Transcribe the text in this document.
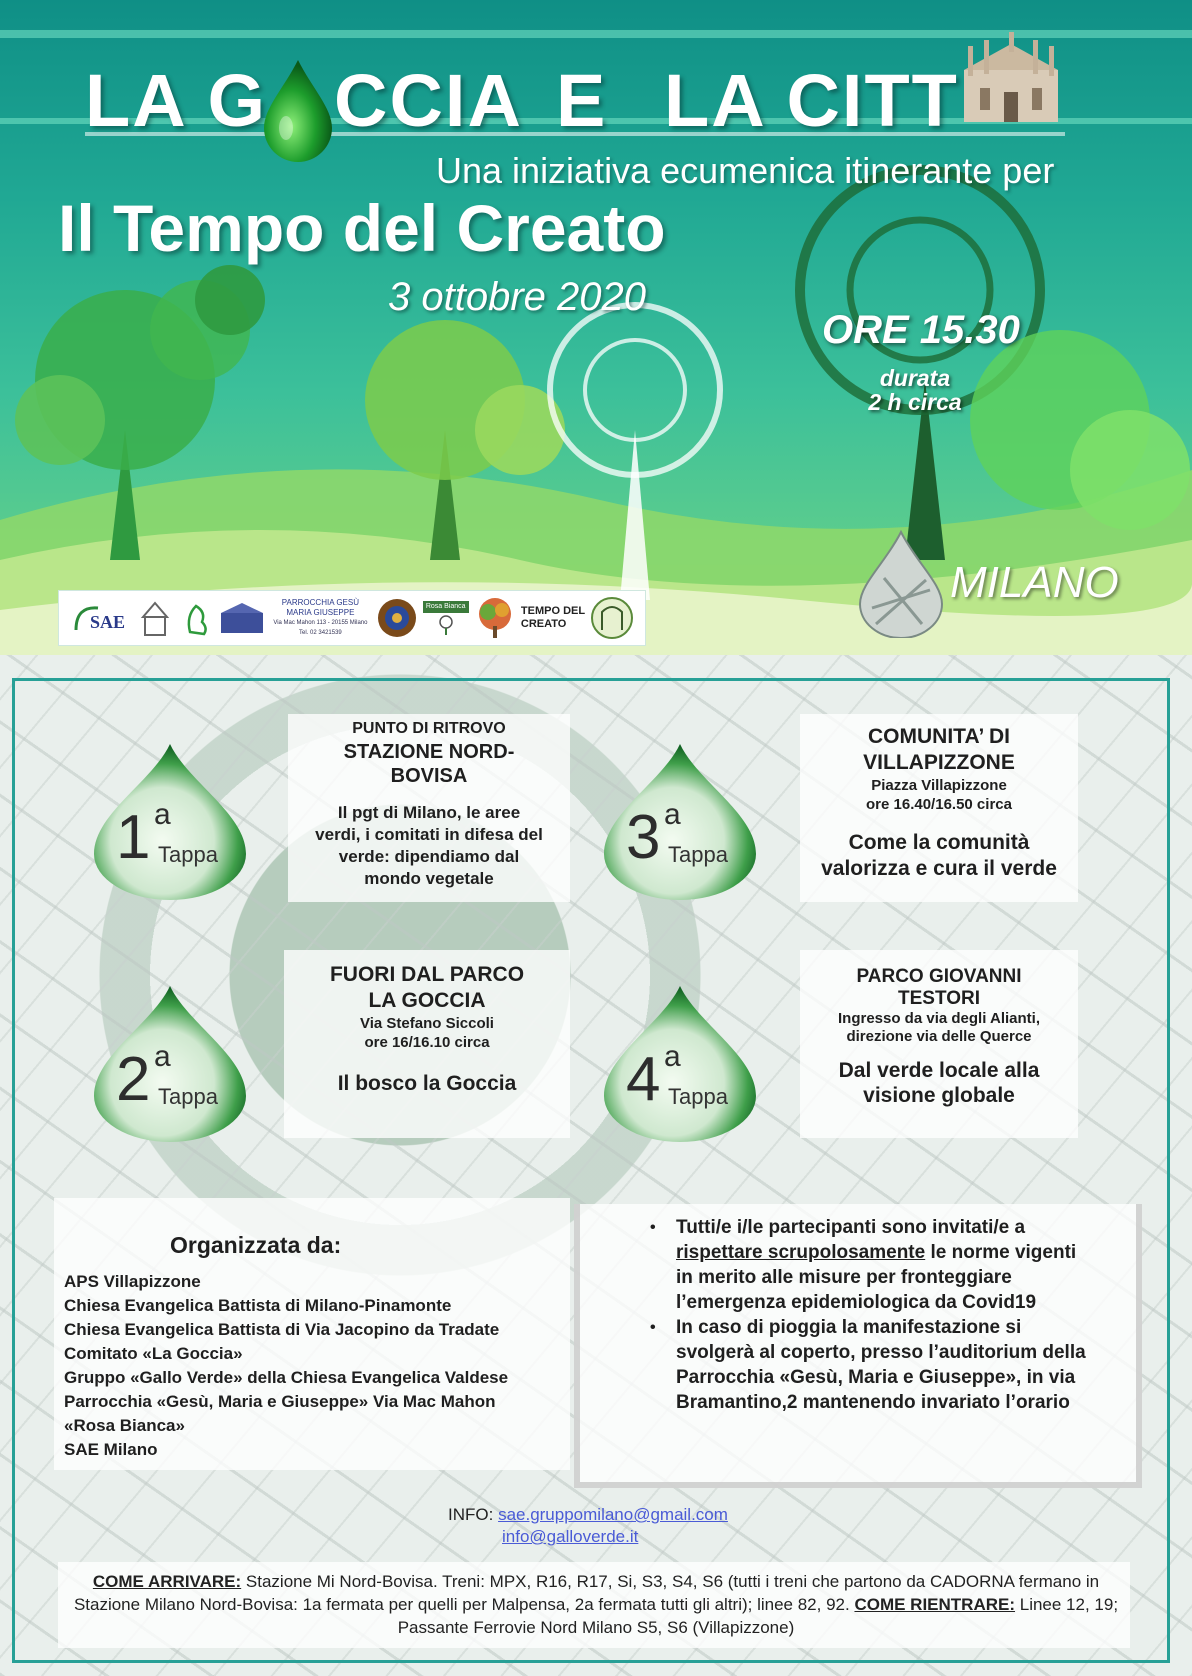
LA G CCIA E LA CITT
Una iniziativa ecumenica itinerante per
Il Tempo del Creato
3 ottobre 2020
ORE 15.30
durata
2 h circa
MILANO
SAE
PARROCCHIA GESÙ MARIA GIUSEPPE
Via Mac Mahon 113 - 20155 Milano
Tel. 02 3421539
Rosa Bianca	TEMPO DEL
CREATO
PUNTO DI RITROVO
STAZIONE NORD-
BOVISA
Il pgt di Milano, le aree
verdi, i comitati in difesa del
verde: dipendiamo dal
mondo vegetale
FUORI DAL PARCO
LA GOCCIA
Via Stefano Siccoli
ore 16/16.10 circa
Il bosco la Goccia
COMUNITA’ DI
VILLAPIZZONE
Piazza Villapizzone
ore 16.40/16.50 circa
Come la comunità
valorizza e cura il verde
PARCO GIOVANNI
TESTORI
Ingresso da via degli Alianti,
direzione via delle Querce
Dal verde locale alla
visione globale
1 a
Tappa
2 a
Tappa
3 a
Tappa
4 a
Tappa
Organizzata da:
APS Villapizzone
Chiesa Evangelica Battista di Milano-Pinamonte
Chiesa Evangelica Battista di Via Jacopino da Tradate
Comitato «La Goccia»
Gruppo «Gallo Verde» della Chiesa Evangelica Valdese
Parrocchia «Gesù, Maria e Giuseppe» Via Mac Mahon
«Rosa Bianca»
SAE Milano
• Tutti/e i/le partecipanti sono invitati/e a rispettare scrupolosamente le norme vigenti in merito alle misure per fronteggiare l’emergenza epidemiologica da Covid19
• In caso di pioggia la manifestazione si svolgerà al coperto, presso l’auditorium della Parrocchia «Gesù, Maria e Giuseppe», in via Bramantino,2 mantenendo invariato l’orario
INFO: sae.gruppomilano@gmail.com
info@galloverde.it
COME ARRIVARE: Stazione Mi Nord-Bovisa. Treni: MPX, R16, R17, Si, S3, S4, S6 (tutti i treni che partono da CADORNA fermano in Stazione Milano Nord-Bovisa: 1a fermata per quelli per Malpensa, 2a fermata tutti gli altri); linee 82, 92. COME RIENTRARE: Linee 12, 19; Passante Ferrovie Nord Milano S5, S6 (Villapizzone)
